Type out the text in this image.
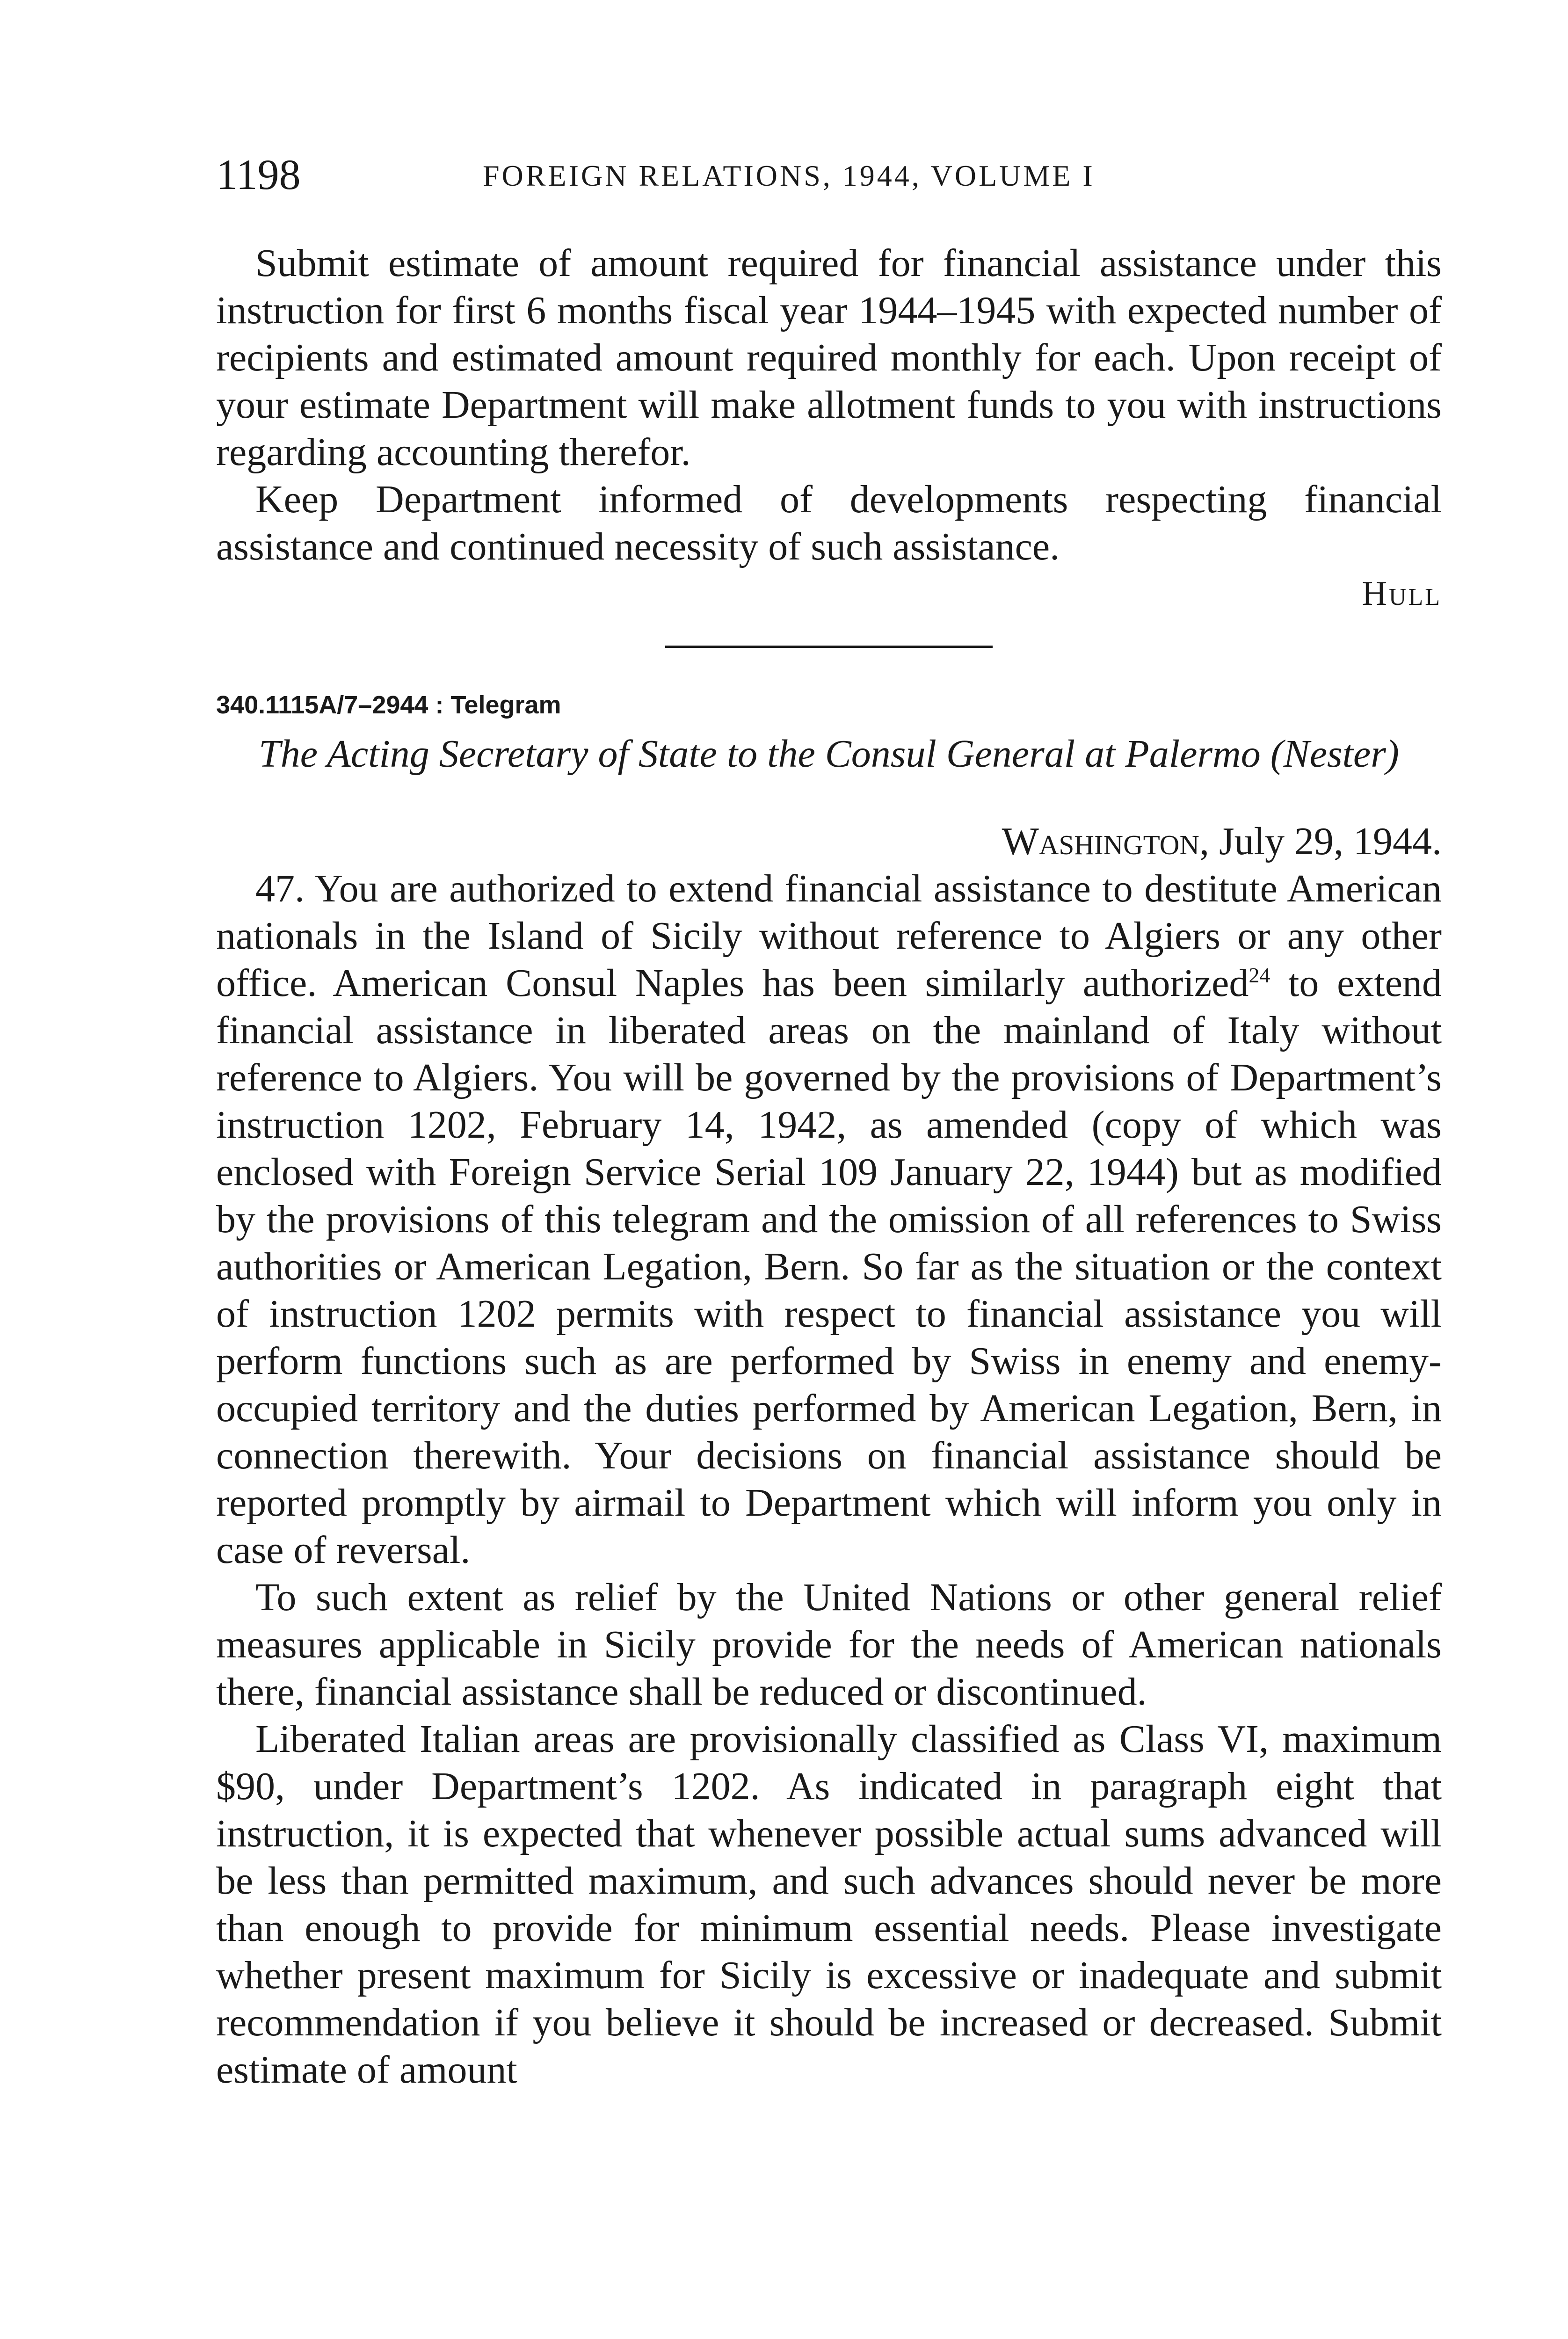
1198	FOREIGN RELATIONS, 1944, VOLUME I

Submit estimate of amount required for financial assistance under this instruction for first 6 months fiscal year 1944–1945 with expected number of recipients and estimated amount required monthly for each. Upon receipt of your estimate Department will make allotment funds to you with instructions regarding accounting therefor.

Keep Department informed of developments respecting financial assistance and continued necessity of such assistance.

Hull

340.1115A/7–2944 : Telegram
The Acting Secretary of State to the Consul General at Palermo (Nester)
Washington, July 29, 1944.

47. You are authorized to extend financial assistance to destitute American nationals in the Island of Sicily without reference to Algiers or any other office. American Consul Naples has been similarly authorized$^{24}$ to extend financial assistance in liberated areas on the mainland of Italy without reference to Algiers. You will be governed by the provisions of Department’s instruction 1202, February 14, 1942, as amended (copy of which was enclosed with Foreign Service Serial 109 January 22, 1944) but as modified by the provisions of this telegram and the omission of all references to Swiss authorities or American Legation, Bern. So far as the situation or the context of instruction 1202 permits with respect to financial assistance you will perform functions such as are performed by Swiss in enemy and enemy-occupied territory and the duties performed by American Legation, Bern, in connection therewith. Your decisions on financial assistance should be reported promptly by airmail to Department which will inform you only in case of reversal.

To such extent as relief by the United Nations or other general relief measures applicable in Sicily provide for the needs of American nationals there, financial assistance shall be reduced or discontinued.

Liberated Italian areas are provisionally classified as Class VI, maximum $90, under Department’s 1202. As indicated in paragraph eight that instruction, it is expected that whenever possible actual sums advanced will be less than permitted maximum, and such advances should never be more than enough to provide for minimum essential needs. Please investigate whether present maximum for Sicily is excessive or inadequate and submit recommendation if you believe it should be increased or decreased. Submit estimate of amount
